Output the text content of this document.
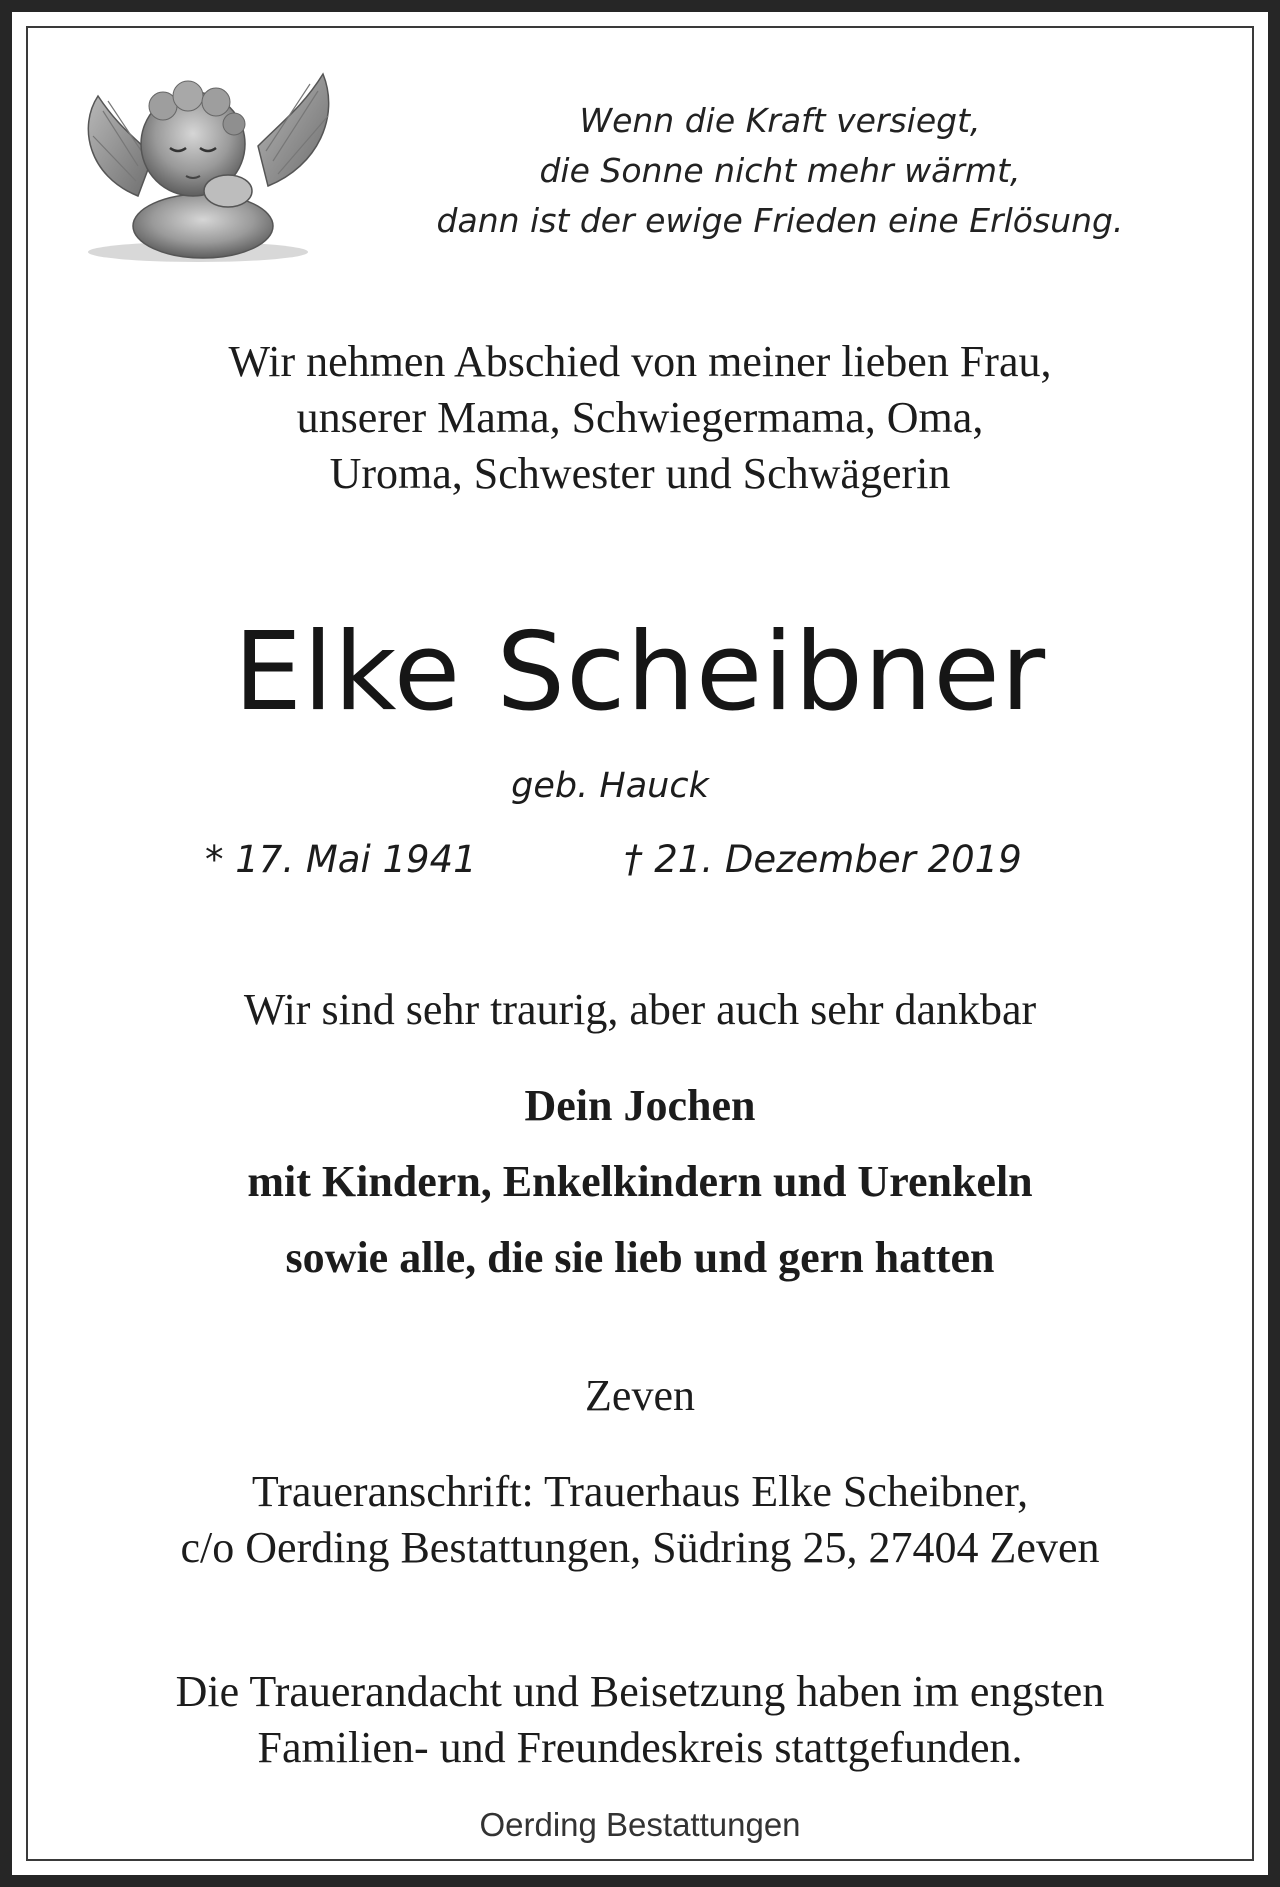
Wenn die Kraft versiegt,
die Sonne nicht mehr wärmt,
dann ist der ewige Frieden eine Erlösung.
Wir nehmen Abschied von meiner lieben Frau,
unserer Mama, Schwiegermama, Oma,
Uroma, Schwester und Schwägerin
Elke Scheibner
geb. Hauck
* 17. Mai 1941	† 21. Dezember 2019
Wir sind sehr traurig, aber auch sehr dankbar
Dein Jochen
mit Kindern, Enkelkindern und Urenkeln
sowie alle, die sie lieb und gern hatten
Zeven
Traueranschrift: Trauerhaus Elke Scheibner,
c/o Oerding Bestattungen, Südring 25, 27404 Zeven
Die Trauerandacht und Beisetzung haben im engsten
Familien- und Freundeskreis stattgefunden.
Oerding Bestattungen
